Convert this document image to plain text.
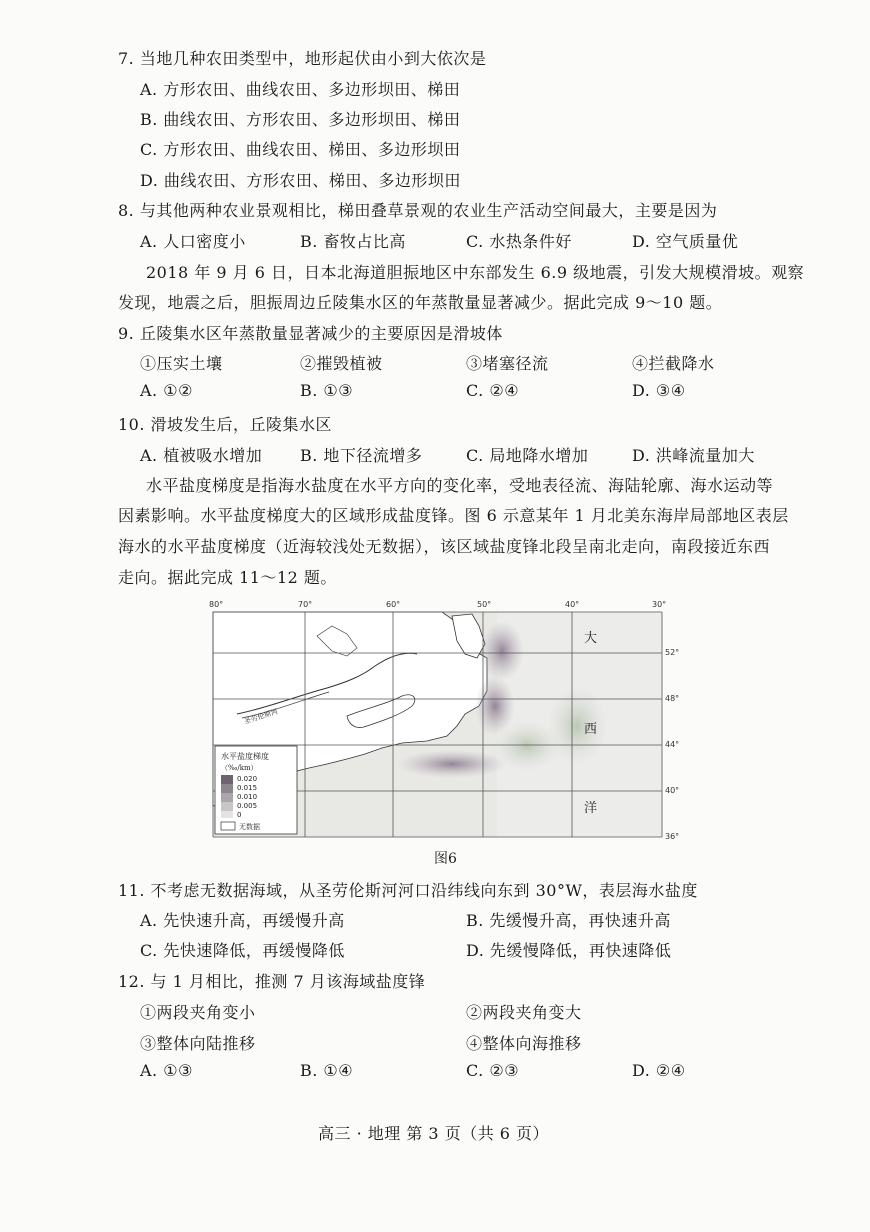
7. 当地几种农田类型中，地形起伏由小到大依次是
A. 方形农田、曲线农田、多边形坝田、梯田
B. 曲线农田、方形农田、多边形坝田、梯田
C. 方形农田、曲线农田、梯田、多边形坝田
D. 曲线农田、方形农田、梯田、多边形坝田
8. 与其他两种农业景观相比，梯田叠草景观的农业生产活动空间最大，主要是因为
A. 人口密度小	B. 畜牧占比高	C. 水热条件好	D. 空气质量优
2018 年 9 月 6 日，日本北海道胆振地区中东部发生 6.9 级地震，引发大规模滑坡。观察
发现，地震之后，胆振周边丘陵集水区的年蒸散量显著减少。据此完成 9～10 题。
9. 丘陵集水区年蒸散量显著减少的主要原因是滑坡体
①压实土壤	②摧毁植被	③堵塞径流	④拦截降水
A. ①②	B. ①③	C. ②④	D. ③④
10. 滑坡发生后，丘陵集水区
A. 植被吸水增加 B. 地下径流增多	C. 局地降水增加	D. 洪峰流量加大
水平盐度梯度是指海水盐度在水平方向的变化率，受地表径流、海陆轮廓、海水运动等
因素影响。水平盐度梯度大的区域形成盐度锋。图 6 示意某年 1 月北美东海岸局部地区表层
海水的水平盐度梯度（近海较浅处无数据），该区域盐度锋北段呈南北走向，南段接近东西
走向。据此完成 11～12 题。
80°	70°	60°	50°	40°	30°
52°
48°
44°
40°
36°
大
西
洋
圣劳伦斯河
水平盐度梯度
（‰/km）
0.020
0.015
0.010
0.005
0
无数据
图6
11. 不考虑无数据海域，从圣劳伦斯河河口沿纬线向东到 30°W，表层海水盐度
A. 先快速升高，再缓慢升高	B. 先缓慢升高，再快速升高
C. 先快速降低，再缓慢降低	D. 先缓慢降低，再快速降低
12. 与 1 月相比，推测 7 月该海域盐度锋
①两段夹角变小	②两段夹角变大
③整体向陆推移	④整体向海推移
A. ①③	B. ①④	C. ②③	D. ②④
高三 · 地理 第 3 页（共 6 页）
